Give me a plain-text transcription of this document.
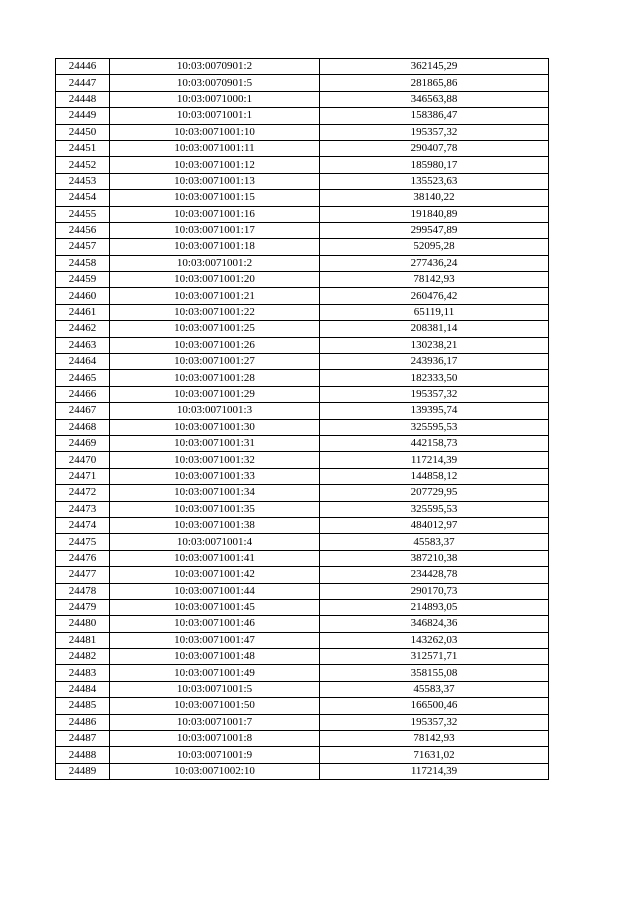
24446	10:03:0070901:2	362145,29
24447	10:03:0070901:5	281865,86
24448	10:03:0071000:1	346563,88
24449	10:03:0071001:1	158386,47
24450	10:03:0071001:10	195357,32
24451	10:03:0071001:11	290407,78
24452	10:03:0071001:12	185980,17
24453	10:03:0071001:13	135523,63
24454	10:03:0071001:15	38140,22
24455	10:03:0071001:16	191840,89
24456	10:03:0071001:17	299547,89
24457	10:03:0071001:18	52095,28
24458	10:03:0071001:2	277436,24
24459	10:03:0071001:20	78142,93
24460	10:03:0071001:21	260476,42
24461	10:03:0071001:22	65119,11
24462	10:03:0071001:25	208381,14
24463	10:03:0071001:26	130238,21
24464	10:03:0071001:27	243936,17
24465	10:03:0071001:28	182333,50
24466	10:03:0071001:29	195357,32
24467	10:03:0071001:3	139395,74
24468	10:03:0071001:30	325595,53
24469	10:03:0071001:31	442158,73
24470	10:03:0071001:32	117214,39
24471	10:03:0071001:33	144858,12
24472	10:03:0071001:34	207729,95
24473	10:03:0071001:35	325595,53
24474	10:03:0071001:38	484012,97
24475	10:03:0071001:4	45583,37
24476	10:03:0071001:41	387210,38
24477	10:03:0071001:42	234428,78
24478	10:03:0071001:44	290170,73
24479	10:03:0071001:45	214893,05
24480	10:03:0071001:46	346824,36
24481	10:03:0071001:47	143262,03
24482	10:03:0071001:48	312571,71
24483	10:03:0071001:49	358155,08
24484	10:03:0071001:5	45583,37
24485	10:03:0071001:50	166500,46
24486	10:03:0071001:7	195357,32
24487	10:03:0071001:8	78142,93
24488	10:03:0071001:9	71631,02
24489	10:03:0071002:10	117214,39
